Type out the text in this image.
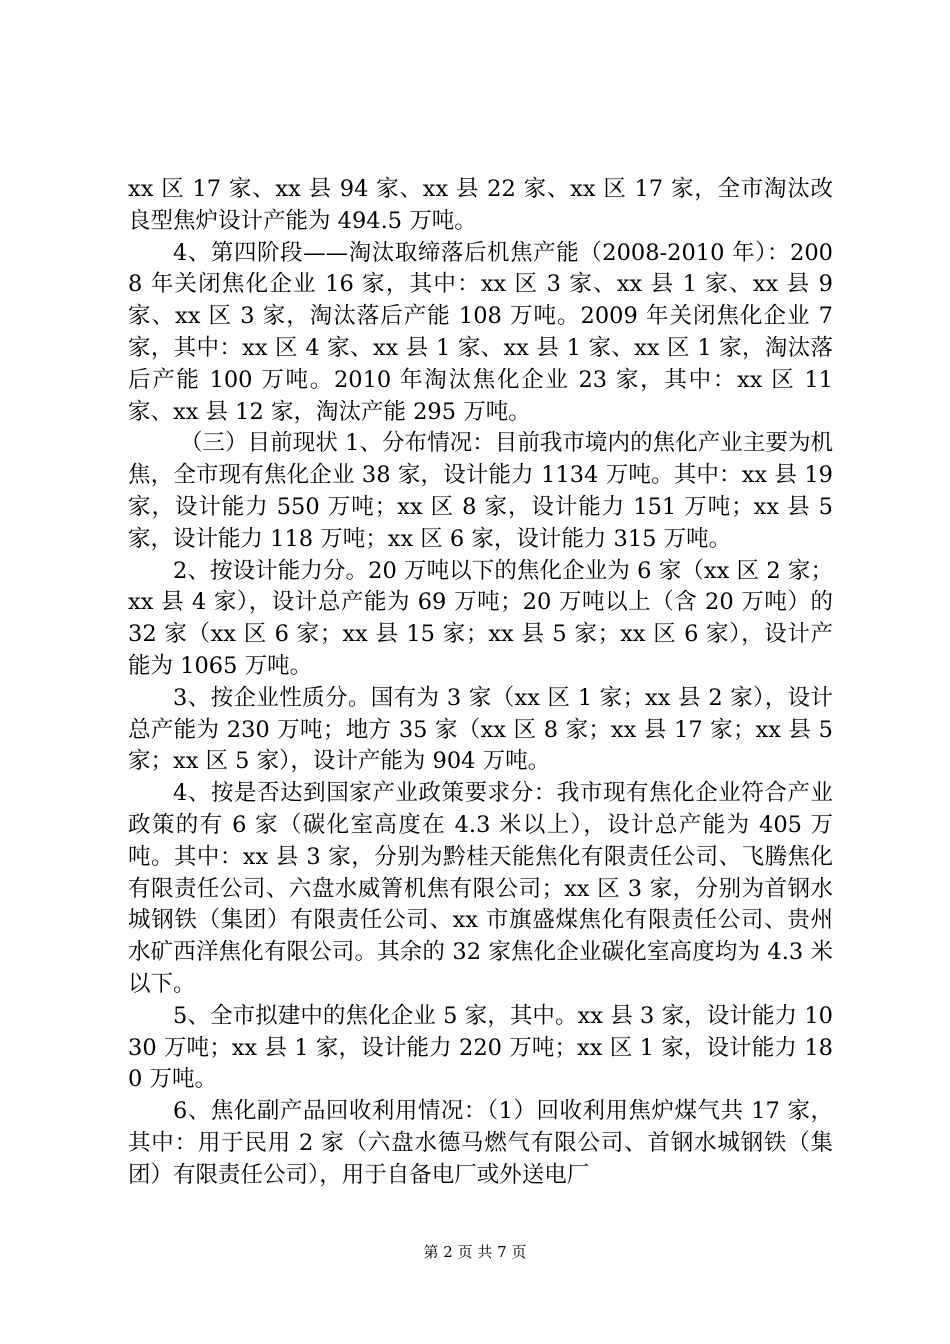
xx 区 17 家、xx 县 94 家、xx 县 22 家、xx 区 17 家，全市淘汰改良型焦炉设计产能为 494.5 万吨。

4、第四阶段——淘汰取缔落后机焦产能（2008-2010 年）：2008 年关闭焦化企业 16 家，其中：xx 区 3 家、xx 县 1 家、xx 县 9 家、xx 区 3 家，淘汰落后产能 108 万吨。2009 年关闭焦化企业 7 家，其中：xx 区 4 家、xx 县 1 家、xx 县 1 家、xx 区 1 家，淘汰落后产能 100 万吨。2010 年淘汰焦化企业 23 家，其中：xx 区 11 家、xx 县 12 家，淘汰产能 295 万吨。

（三）目前现状 1、分布情况：目前我市境内的焦化产业主要为机焦，全市现有焦化企业 38 家，设计能力 1134 万吨。其中：xx 县 19 家，设计能力 550 万吨；xx 区 8 家，设计能力 151 万吨；xx 县 5 家，设计能力 118 万吨；xx 区 6 家，设计能力 315 万吨。

2、按设计能力分。20 万吨以下的焦化企业为 6 家（xx 区 2 家；xx 县 4 家），设计总产能为 69 万吨；20 万吨以上（含 20 万吨）的 32 家（xx 区 6 家；xx 县 15 家；xx 县 5 家；xx 区 6 家），设计产能为 1065 万吨。

3、按企业性质分。国有为 3 家（xx 区 1 家；xx 县 2 家），设计总产能为 230 万吨；地方 35 家（xx 区 8 家；xx 县 17 家；xx 县 5 家；xx 区 5 家），设计产能为 904 万吨。

4、按是否达到国家产业政策要求分：我市现有焦化企业符合产业政策的有 6 家（碳化室高度在 4.3 米以上），设计总产能为 405 万吨。其中：xx 县 3 家，分别为黔桂天能焦化有限责任公司、飞腾焦化有限责任公司、六盘水威箐机焦有限公司；xx 区 3 家，分别为首钢水城钢铁（集团）有限责任公司、xx 市旗盛煤焦化有限责任公司、贵州水矿西洋焦化有限公司。其余的 32 家焦化企业碳化室高度均为 4.3 米以下。

5、全市拟建中的焦化企业 5 家，其中。xx 县 3 家，设计能力 1030 万吨；xx 县 1 家，设计能力 220 万吨；xx 区 1 家，设计能力 180 万吨。

6、焦化副产品回收利用情况：（1）回收利用焦炉煤气共 17 家，其中：用于民用 2 家（六盘水德马燃气有限公司、首钢水城钢铁（集团）有限责任公司），用于自备电厂或外送电厂

第 2 页 共 7 页
